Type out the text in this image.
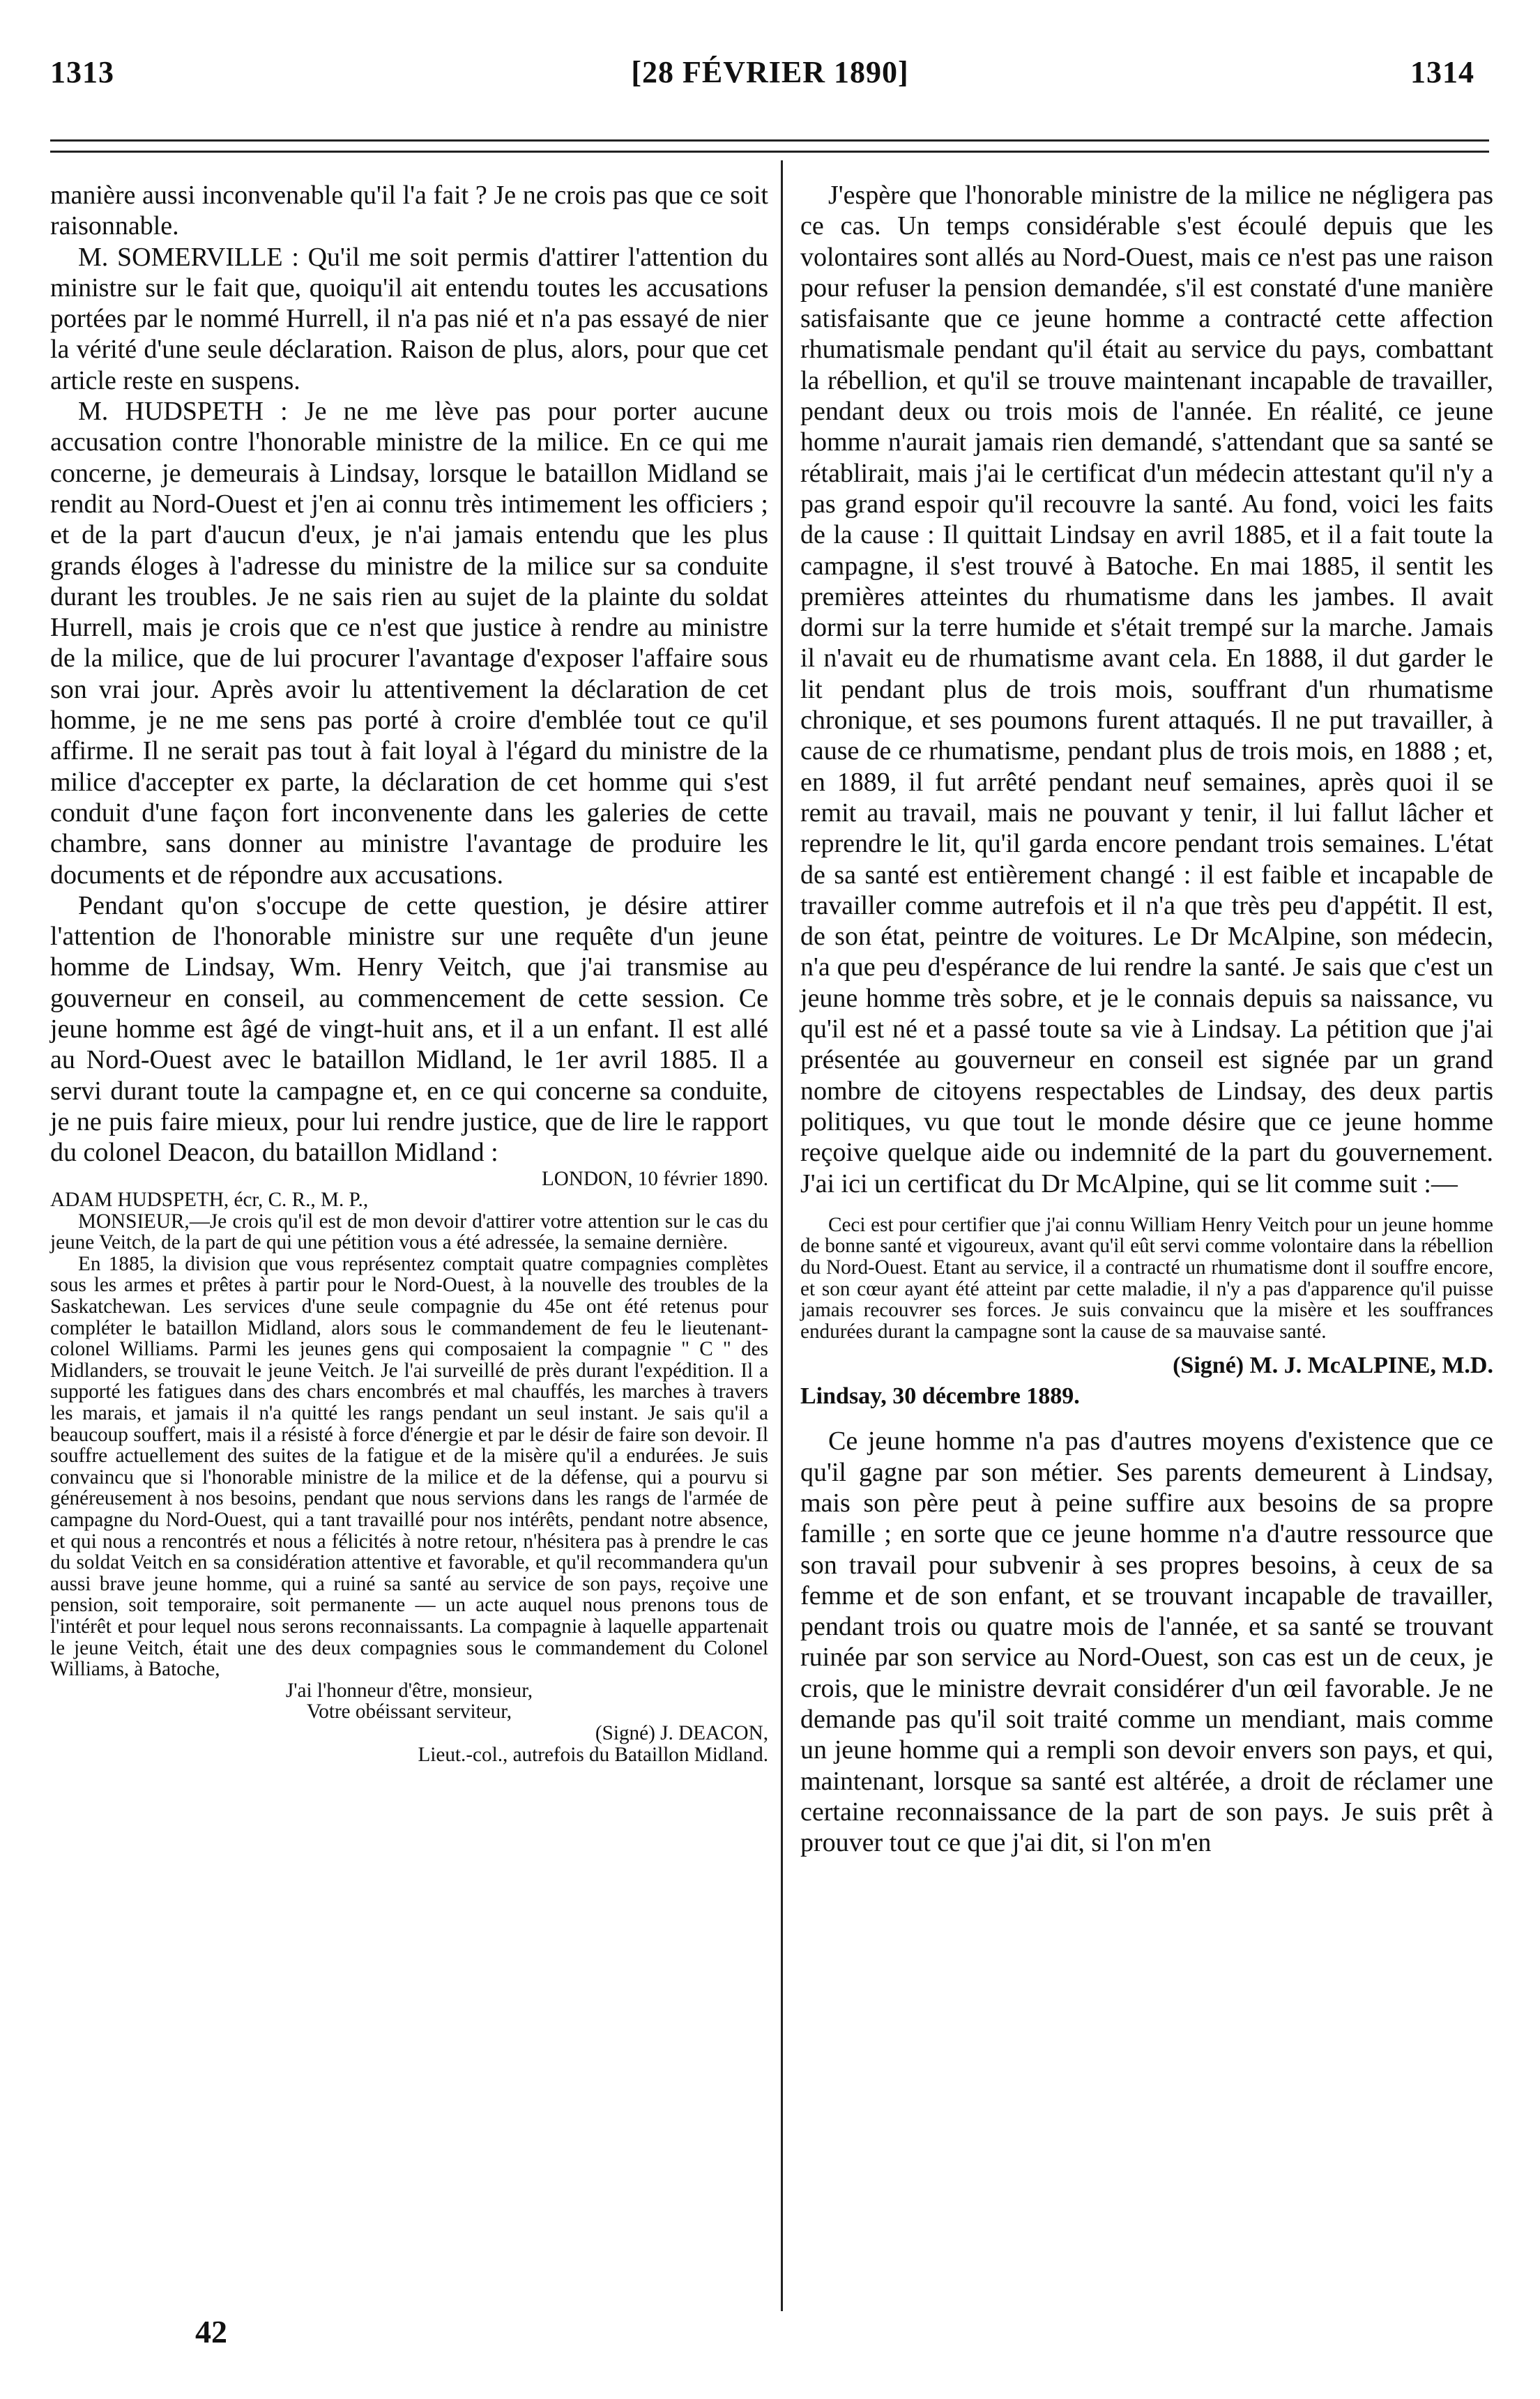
1313	[28 FÉVRIER 1890]	1314

manière aussi inconvenable qu'il l'a fait ? Je ne crois pas que ce soit raisonnable.

M. SOMERVILLE : Qu'il me soit permis d'attirer l'attention du ministre sur le fait que, quoiqu'il ait entendu toutes les accusations portées par le nommé Hurrell, il n'a pas nié et n'a pas essayé de nier la vérité d'une seule déclaration. Raison de plus, alors, pour que cet article reste en suspens.

M. HUDSPETH : Je ne me lève pas pour porter aucune accusation contre l'honorable ministre de la milice. En ce qui me concerne, je demeurais à Lindsay, lorsque le bataillon Midland se rendit au Nord-Ouest et j'en ai connu très intimement les officiers ; et de la part d'aucun d'eux, je n'ai jamais entendu que les plus grands éloges à l'adresse du ministre de la milice sur sa conduite durant les troubles. Je ne sais rien au sujet de la plainte du soldat Hurrell, mais je crois que ce n'est que justice à rendre au ministre de la milice, que de lui procurer l'avantage d'exposer l'affaire sous son vrai jour. Après avoir lu attentivement la déclaration de cet homme, je ne me sens pas porté à croire d'emblée tout ce qu'il affirme. Il ne serait pas tout à fait loyal à l'égard du ministre de la milice d'accepter ex parte, la déclaration de cet homme qui s'est conduit d'une façon fort inconvenente dans les galeries de cette chambre, sans donner au ministre l'avantage de produire les documents et de répondre aux accusations.

Pendant qu'on s'occupe de cette question, je désire attirer l'attention de l'honorable ministre sur une requête d'un jeune homme de Lindsay, Wm. Henry Veitch, que j'ai transmise au gouverneur en conseil, au commencement de cette session. Ce jeune homme est âgé de vingt-huit ans, et il a un enfant. Il est allé au Nord-Ouest avec le bataillon Midland, le 1er avril 1885. Il a servi durant toute la campagne et, en ce qui concerne sa conduite, je ne puis faire mieux, pour lui rendre justice, que de lire le rapport du colonel Deacon, du bataillon Midland :

LONDON, 10 février 1890.

ADAM HUDSPETH, écr, C. R., M. P.,

MONSIEUR,—Je crois qu'il est de mon devoir d'attirer votre attention sur le cas du jeune Veitch, de la part de qui une pétition vous a été adressée, la semaine dernière.

En 1885, la division que vous représentez comptait quatre compagnies complètes sous les armes et prêtes à partir pour le Nord-Ouest, à la nouvelle des troubles de la Saskatchewan. Les services d'une seule compagnie du 45e ont été retenus pour compléter le bataillon Midland, alors sous le commandement de feu le lieutenant-colonel Williams. Parmi les jeunes gens qui composaient la compagnie " C " des Midlanders, se trouvait le jeune Veitch. Je l'ai surveillé de près durant l'expédition. Il a supporté les fatigues dans des chars encombrés et mal chauffés, les marches à travers les marais, et jamais il n'a quitté les rangs pendant un seul instant. Je sais qu'il a beaucoup souffert, mais il a résisté à force d'énergie et par le désir de faire son devoir. Il souffre actuellement des suites de la fatigue et de la misère qu'il a endurées. Je suis convaincu que si l'honorable ministre de la milice et de la défense, qui a pourvu si généreusement à nos besoins, pendant que nous servions dans les rangs de l'armée de campagne du Nord-Ouest, qui a tant travaillé pour nos intérêts, pendant notre absence, et qui nous a rencontrés et nous a félicités à notre retour, n'hésitera pas à prendre le cas du soldat Veitch en sa considération attentive et favorable, et qu'il recommandera qu'un aussi brave jeune homme, qui a ruiné sa santé au service de son pays, reçoive une pension, soit temporaire, soit permanente — un acte auquel nous prenons tous de l'intérêt et pour lequel nous serons reconnaissants. La compagnie à laquelle appartenait le jeune Veitch, était une des deux compagnies sous le commandement du Colonel Williams, à Batoche,

J'ai l'honneur d'être, monsieur,

Votre obéissant serviteur,

(Signé) J. DEACON,

Lieut.-col., autrefois du Bataillon Midland.

J'espère que l'honorable ministre de la milice ne négligera pas ce cas. Un temps considérable s'est écoulé depuis que les volontaires sont allés au Nord-Ouest, mais ce n'est pas une raison pour refuser la pension demandée, s'il est constaté d'une manière satisfaisante que ce jeune homme a contracté cette affection rhumatismale pendant qu'il était au service du pays, combattant la rébellion, et qu'il se trouve maintenant incapable de travailler, pendant deux ou trois mois de l'année. En réalité, ce jeune homme n'aurait jamais rien demandé, s'attendant que sa santé se rétablirait, mais j'ai le certificat d'un médecin attestant qu'il n'y a pas grand espoir qu'il recouvre la santé. Au fond, voici les faits de la cause : Il quittait Lindsay en avril 1885, et il a fait toute la campagne, il s'est trouvé à Batoche. En mai 1885, il sentit les premières atteintes du rhumatisme dans les jambes. Il avait dormi sur la terre humide et s'était trempé sur la marche. Jamais il n'avait eu de rhumatisme avant cela. En 1888, il dut garder le lit pendant plus de trois mois, souffrant d'un rhumatisme chronique, et ses poumons furent attaqués. Il ne put travailler, à cause de ce rhumatisme, pendant plus de trois mois, en 1888 ; et, en 1889, il fut arrêté pendant neuf semaines, après quoi il se remit au travail, mais ne pouvant y tenir, il lui fallut lâcher et reprendre le lit, qu'il garda encore pendant trois semaines. L'état de sa santé est entièrement changé : il est faible et incapable de travailler comme autrefois et il n'a que très peu d'appétit. Il est, de son état, peintre de voitures. Le Dr McAlpine, son médecin, n'a que peu d'espérance de lui rendre la santé. Je sais que c'est un jeune homme très sobre, et je le connais depuis sa naissance, vu qu'il est né et a passé toute sa vie à Lindsay. La pétition que j'ai présentée au gouverneur en conseil est signée par un grand nombre de citoyens respectables de Lindsay, des deux partis politiques, vu que tout le monde désire que ce jeune homme reçoive quelque aide ou indemnité de la part du gouvernement. J'ai ici un certificat du Dr McAlpine, qui se lit comme suit :—

Ceci est pour certifier que j'ai connu William Henry Veitch pour un jeune homme de bonne santé et vigoureux, avant qu'il eût servi comme volontaire dans la rébellion du Nord-Ouest. Etant au service, il a contracté un rhumatisme dont il souffre encore, et son cœur ayant été atteint par cette maladie, il n'y a pas d'apparence qu'il puisse jamais recouvrer ses forces. Je suis convaincu que la misère et les souffrances endurées durant la campagne sont la cause de sa mauvaise santé.

(Signé) M. J. McALPINE, M.D.

Lindsay, 30 décembre 1889.

Ce jeune homme n'a pas d'autres moyens d'existence que ce qu'il gagne par son métier. Ses parents demeurent à Lindsay, mais son père peut à peine suffire aux besoins de sa propre famille ; en sorte que ce jeune homme n'a d'autre ressource que son travail pour subvenir à ses propres besoins, à ceux de sa femme et de son enfant, et se trouvant incapable de travailler, pendant trois ou quatre mois de l'année, et sa santé se trouvant ruinée par son service au Nord-Ouest, son cas est un de ceux, je crois, que le ministre devrait considérer d'un œil favorable. Je ne demande pas qu'il soit traité comme un mendiant, mais comme un jeune homme qui a rempli son devoir envers son pays, et qui, maintenant, lorsque sa santé est altérée, a droit de réclamer une certaine reconnaissance de la part de son pays. Je suis prêt à prouver tout ce que j'ai dit, si l'on m'en

42
